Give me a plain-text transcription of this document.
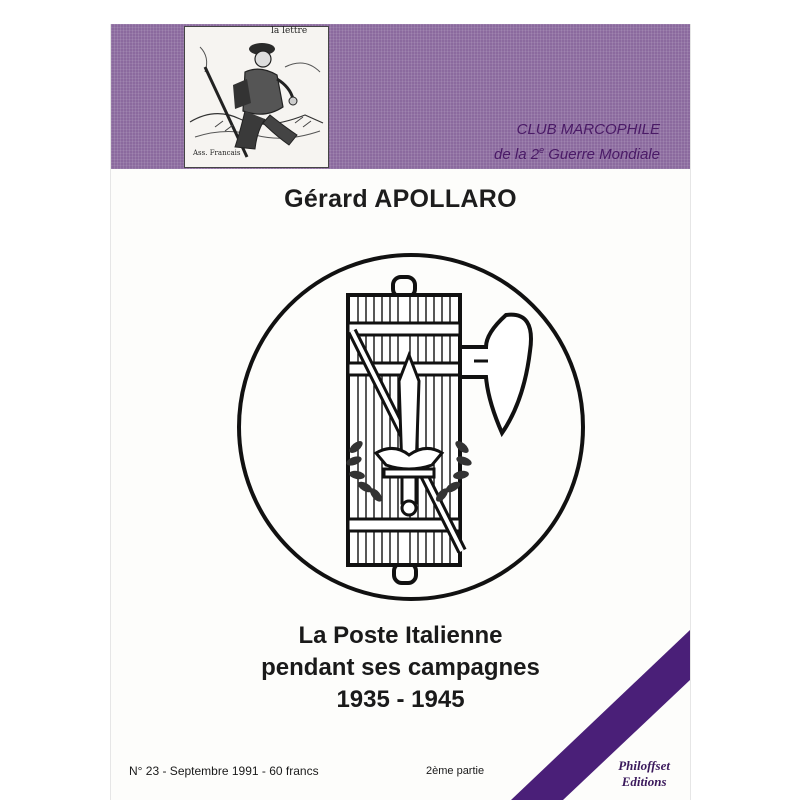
Ass. Francais
la lettre
CLUB MARCOPHILE
de la 2e Guerre Mondiale
Gérard APOLLARO
La Poste Italienne
pendant ses campagnes
1935 - 1945
N° 23 - Septembre 1991 - 60 francs	2ème partie	Philoffset
Editions
